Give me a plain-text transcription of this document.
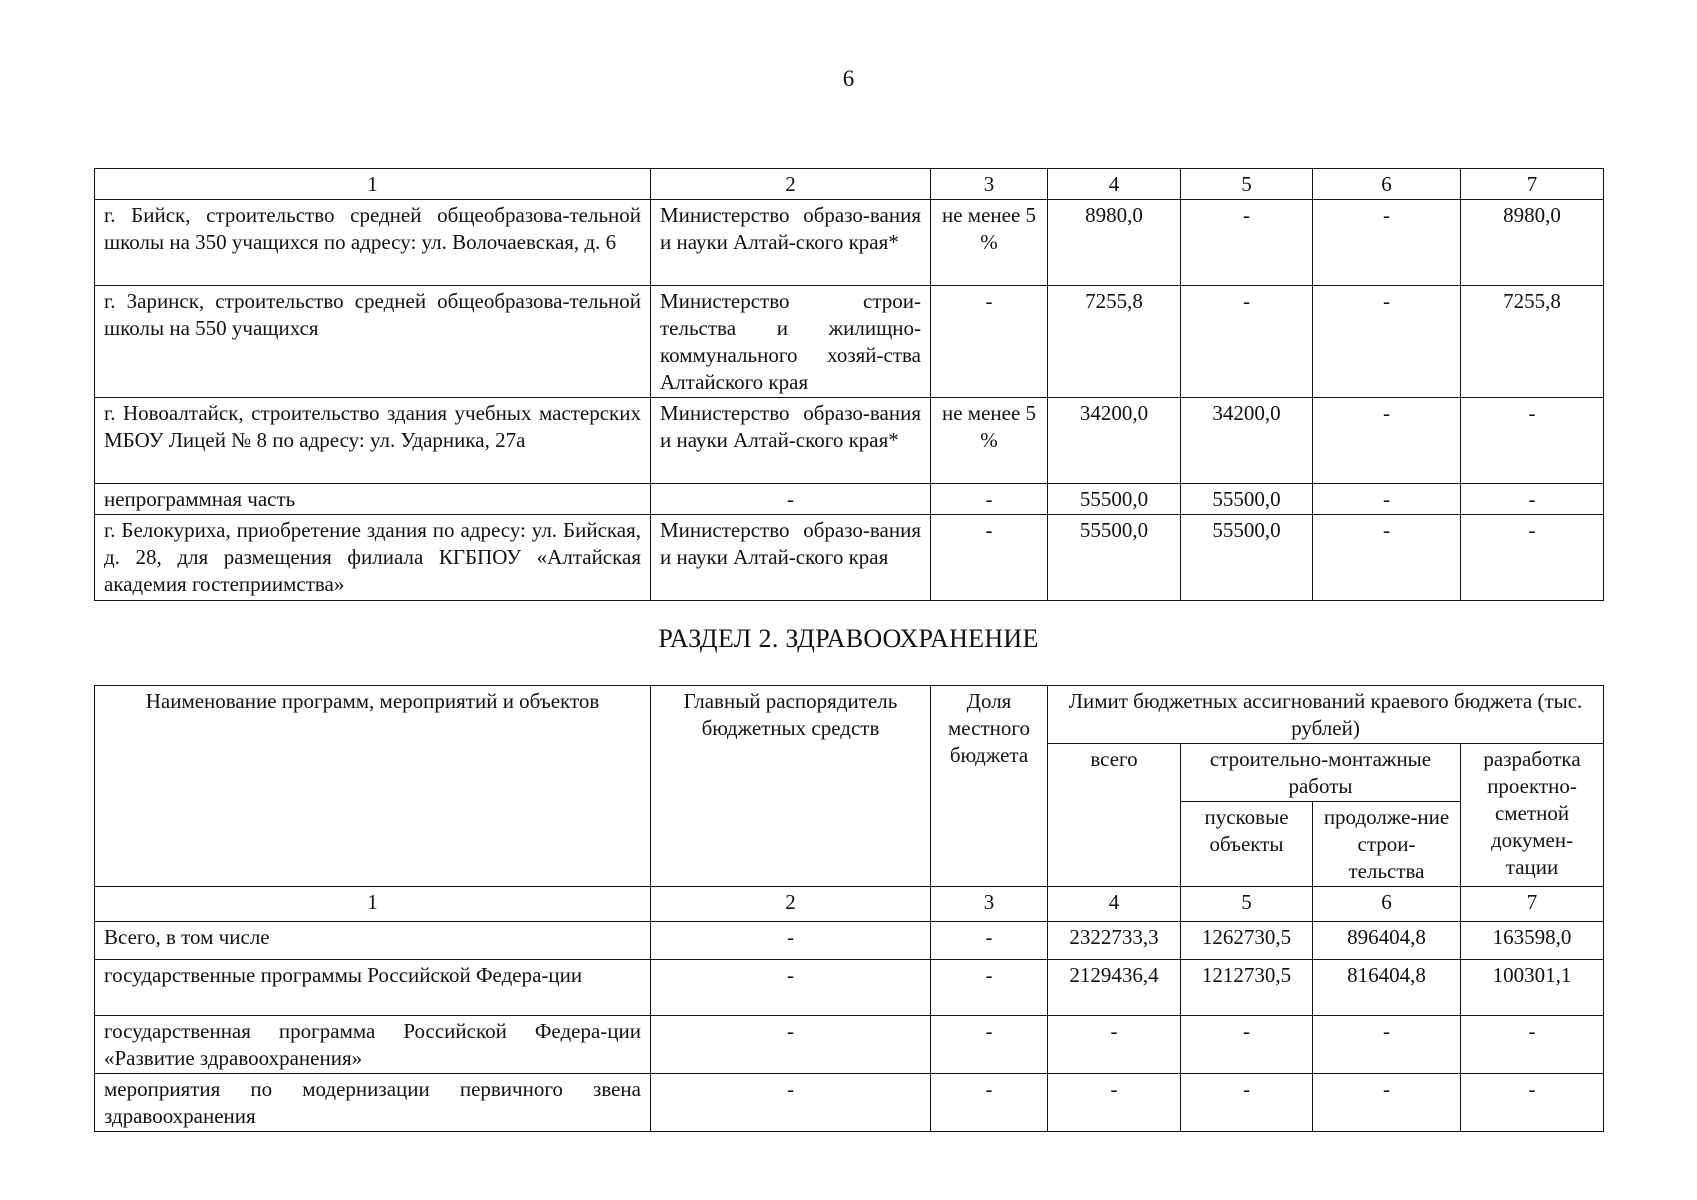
6
1	2	3	4	5	6	7
г. Бийск, строительство средней общеобразова-тельной школы на 350 учащихся по адресу: ул. Волочаевская, д. 6	Министерство образо-вания и науки Алтай-ского края*	не менее 5 %	8980,0	-	-	8980,0
г. Заринск, строительство средней общеобразова-тельной школы на 550 учащихся	Министерство строи-тельства и жилищно-коммунального хозяй-ства Алтайского края	-	7255,8	-	-	7255,8
г. Новоалтайск, строительство здания учебных мастерских МБОУ Лицей № 8 по адресу: ул. Ударника, 27а	Министерство образо-вания и науки Алтай-ского края*	не менее 5 %	34200,0	34200,0	-	-
непрограммная часть	-	-	55500,0	55500,0	-	-
г. Белокуриха, приобретение здания по адресу: ул. Бийская, д. 28, для размещения филиала КГБПОУ «Алтайская академия гостеприимства»	Министерство образо-вания и науки Алтай-ского края	-	55500,0	55500,0	-	-
РАЗДЕЛ 2. ЗДРАВООХРАНЕНИЕ
Наименование программ, мероприятий и объектов	Главный распорядитель бюджетных средств	Доля местного бюджета	Лимит бюджетных ассигнований краевого бюджета (тыс. рублей)			
			всего	строительно-монтажные работы		разработка проектно-сметной докумен-тации
				пусковые объекты	продолже-ние строи-тельства	
1	2	3	4	5	6	7
Всего, в том числе	-	-	2322733,3	1262730,5	896404,8	163598,0
государственные программы Российской Федера-ции	-	-	2129436,4	1212730,5	816404,8	100301,1
государственная программа Российской Федера-ции «Развитие здравоохранения»	-	-	-	-	-	-
мероприятия по модернизации первичного звена здравоохранения	-	-	-	-	-	-
